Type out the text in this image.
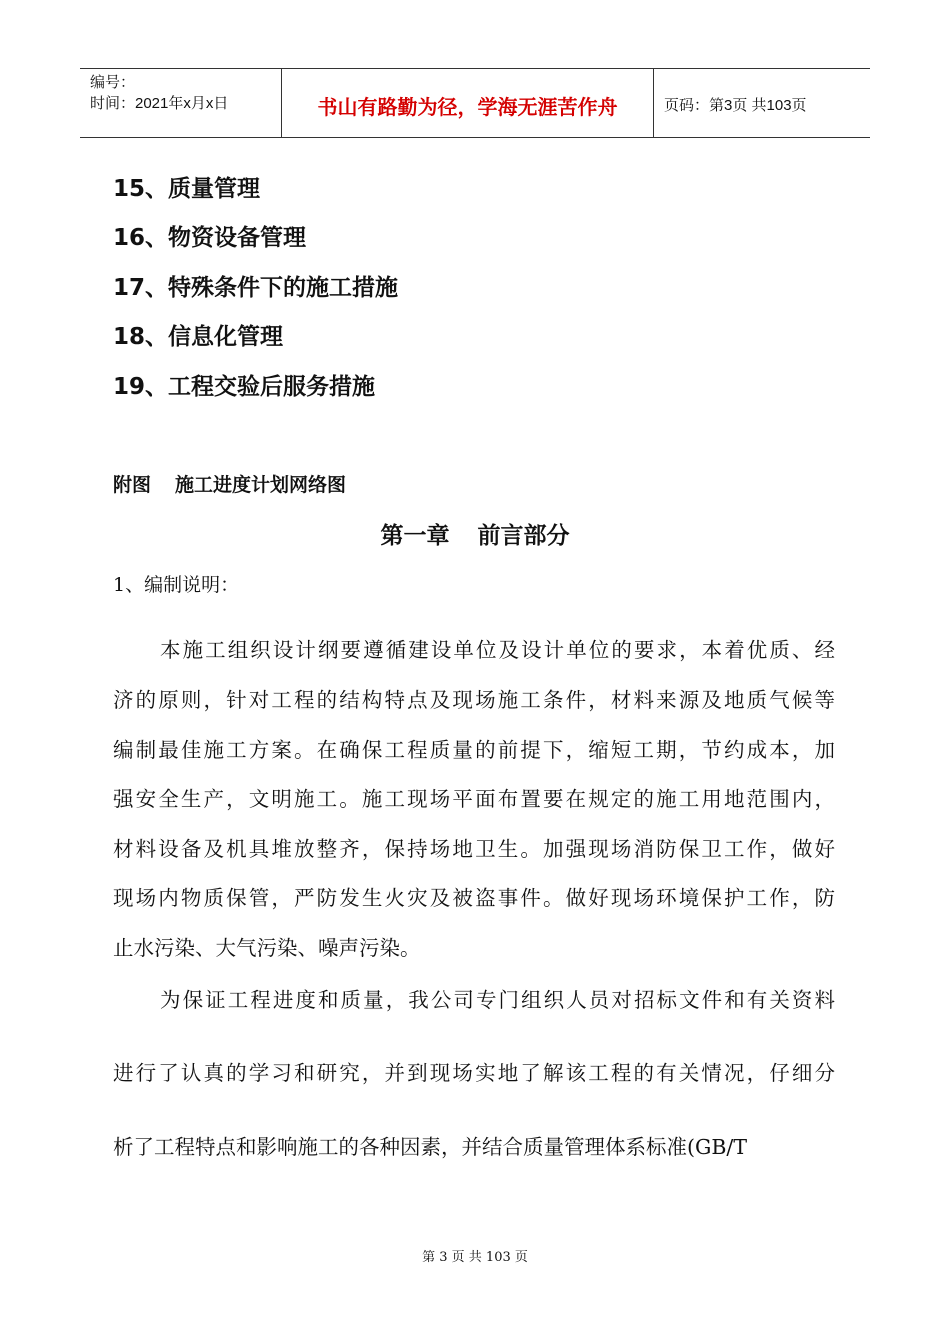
编号：
时间：2021年x月x日	书山有路勤为径，学海无涯苦作舟	页码：第3页 共103页
15、质量管理
16、物资设备管理
17、特殊条件下的施工措施
18、信息化管理
19、工程交验后服务措施
附图 施工进度计划网络图
第一章 前言部分
1、编制说明：
本施工组织设计纲要遵循建设单位及设计单位的要求，本着优质、经
济的原则，针对工程的结构特点及现场施工条件，材料来源及地质气候等
编制最佳施工方案。在确保工程质量的前提下，缩短工期，节约成本，加
强安全生产，文明施工。施工现场平面布置要在规定的施工用地范围内，
材料设备及机具堆放整齐，保持场地卫生。加强现场消防保卫工作，做好
现场内物质保管，严防发生火灾及被盗事件。做好现场环境保护工作，防
止水污染、大气污染、噪声污染。
为保证工程进度和质量，我公司专门组织人员对招标文件和有关资料
进行了认真的学习和研究，并到现场实地了解该工程的有关情况，仔细分
析了工程特点和影响施工的各种因素，并结合质量管理体系标准(GB/T
第 3 页 共 103 页
